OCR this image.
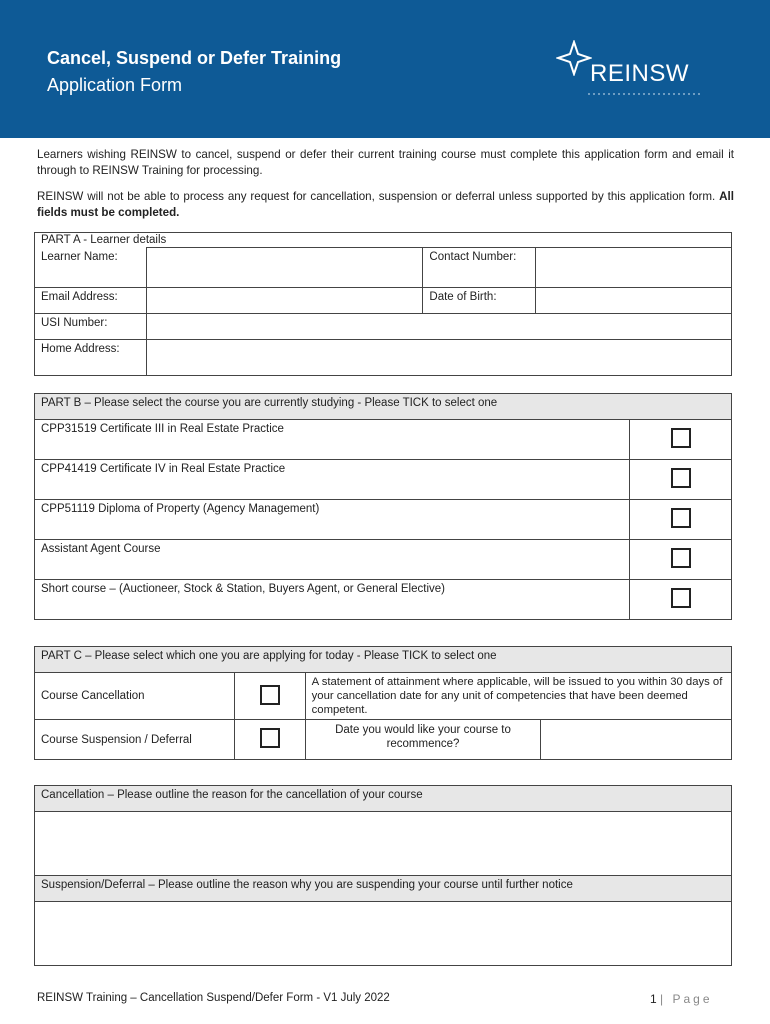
Cancel, Suspend or Defer Training
Application Form	REINSW
Learners wishing REINSW to cancel, suspend or defer their current training course must complete this application form and email it through to REINSW Training for processing.
REINSW will not be able to process any request for cancellation, suspension or deferral unless supported by this application form. All fields must be completed.
PART A - Learner details			
Learner Name:		Contact Number:	
Email Address:		Date of Birth:	
USI Number:			
Home Address:			
PART B – Please select the course you are currently studying - Please TICK to select one	
CPP31519 Certificate III in Real Estate Practice	
CPP41419 Certificate IV in Real Estate Practice	
CPP51119 Diploma of Property (Agency Management)	
Assistant Agent Course	
Short course – (Auctioneer, Stock & Station, Buyers Agent, or General Elective)	
PART C – Please select which one you are applying for today - Please TICK to select one			
Course Cancellation		A statement of attainment where applicable, will be issued to you within 30 days of your cancellation date for any unit of competencies that have been deemed competent.	
Course Suspension / Deferral		Date you would like your course to recommence?	
Cancellation – Please outline the reason for the cancellation of your course

Suspension/Deferral – Please outline the reason why you are suspending your course until further notice

REINSW Training – Cancellation Suspend/Defer Form - V1 July 2022	1 | Page
